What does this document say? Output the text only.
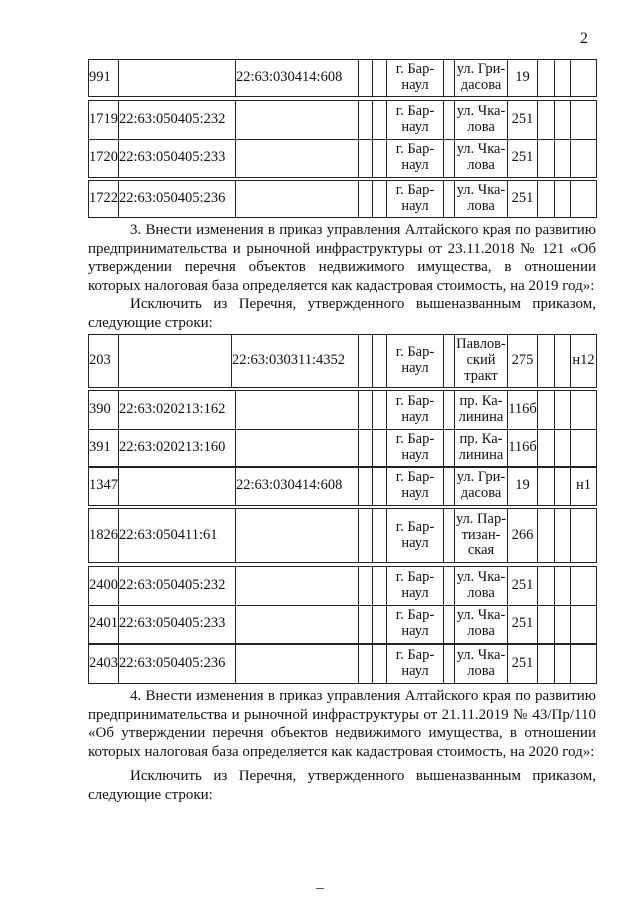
2
991		22:63:030414:608			г. Бар-наул		ул. Гри-дасова	19			
1719	22:63:050405:232				г. Бар-наул		ул. Чка-лова	251			
1720	22:63:050405:233				г. Бар-наул		ул. Чка-лова	251			
1722	22:63:050405:236				г. Бар-наул		ул. Чка-лова	251			

3. Внести изменения в приказ управления Алтайского края по развитию предпринимательства и рыночной инфраструктуры от 23.11.2018 № 121 «Об утверждении перечня объектов недвижимого имущества, в отношении которых налоговая база определяется как кадастровая стоимость, на 2019 год»:
Исключить из Перечня, утвержденного вышеназванным приказом, следующие строки:

203		22:63:030311:4352			г. Бар-наул		Павлов-ский тракт	275			н12
390	22:63:020213:162				г. Бар-наул		пр. Ка-линина	116б			
391	22:63:020213:160				г. Бар-наул		пр. Ка-линина	116б			
1347		22:63:030414:608			г. Бар-наул		ул. Гри-дасова	19			н1
1826	22:63:050411:61				г. Бар-наул		ул. Пар-тизан-ская	266			
2400	22:63:050405:232				г. Бар-наул		ул. Чка-лова	251			
2401	22:63:050405:233				г. Бар-наул		ул. Чка-лова	251			
2403	22:63:050405:236				г. Бар-наул		ул. Чка-лова	251			

4. Внести изменения в приказ управления Алтайского края по развитию предпринимательства и рыночной инфраструктуры от 21.11.2019 № 43/Пр/110 «Об утверждении перечня объектов недвижимого имущества, в отношении которых налоговая база определяется как кадастровая стоимость, на 2020 год»:
Исключить из Перечня, утвержденного вышеназванным приказом, следующие строки:
